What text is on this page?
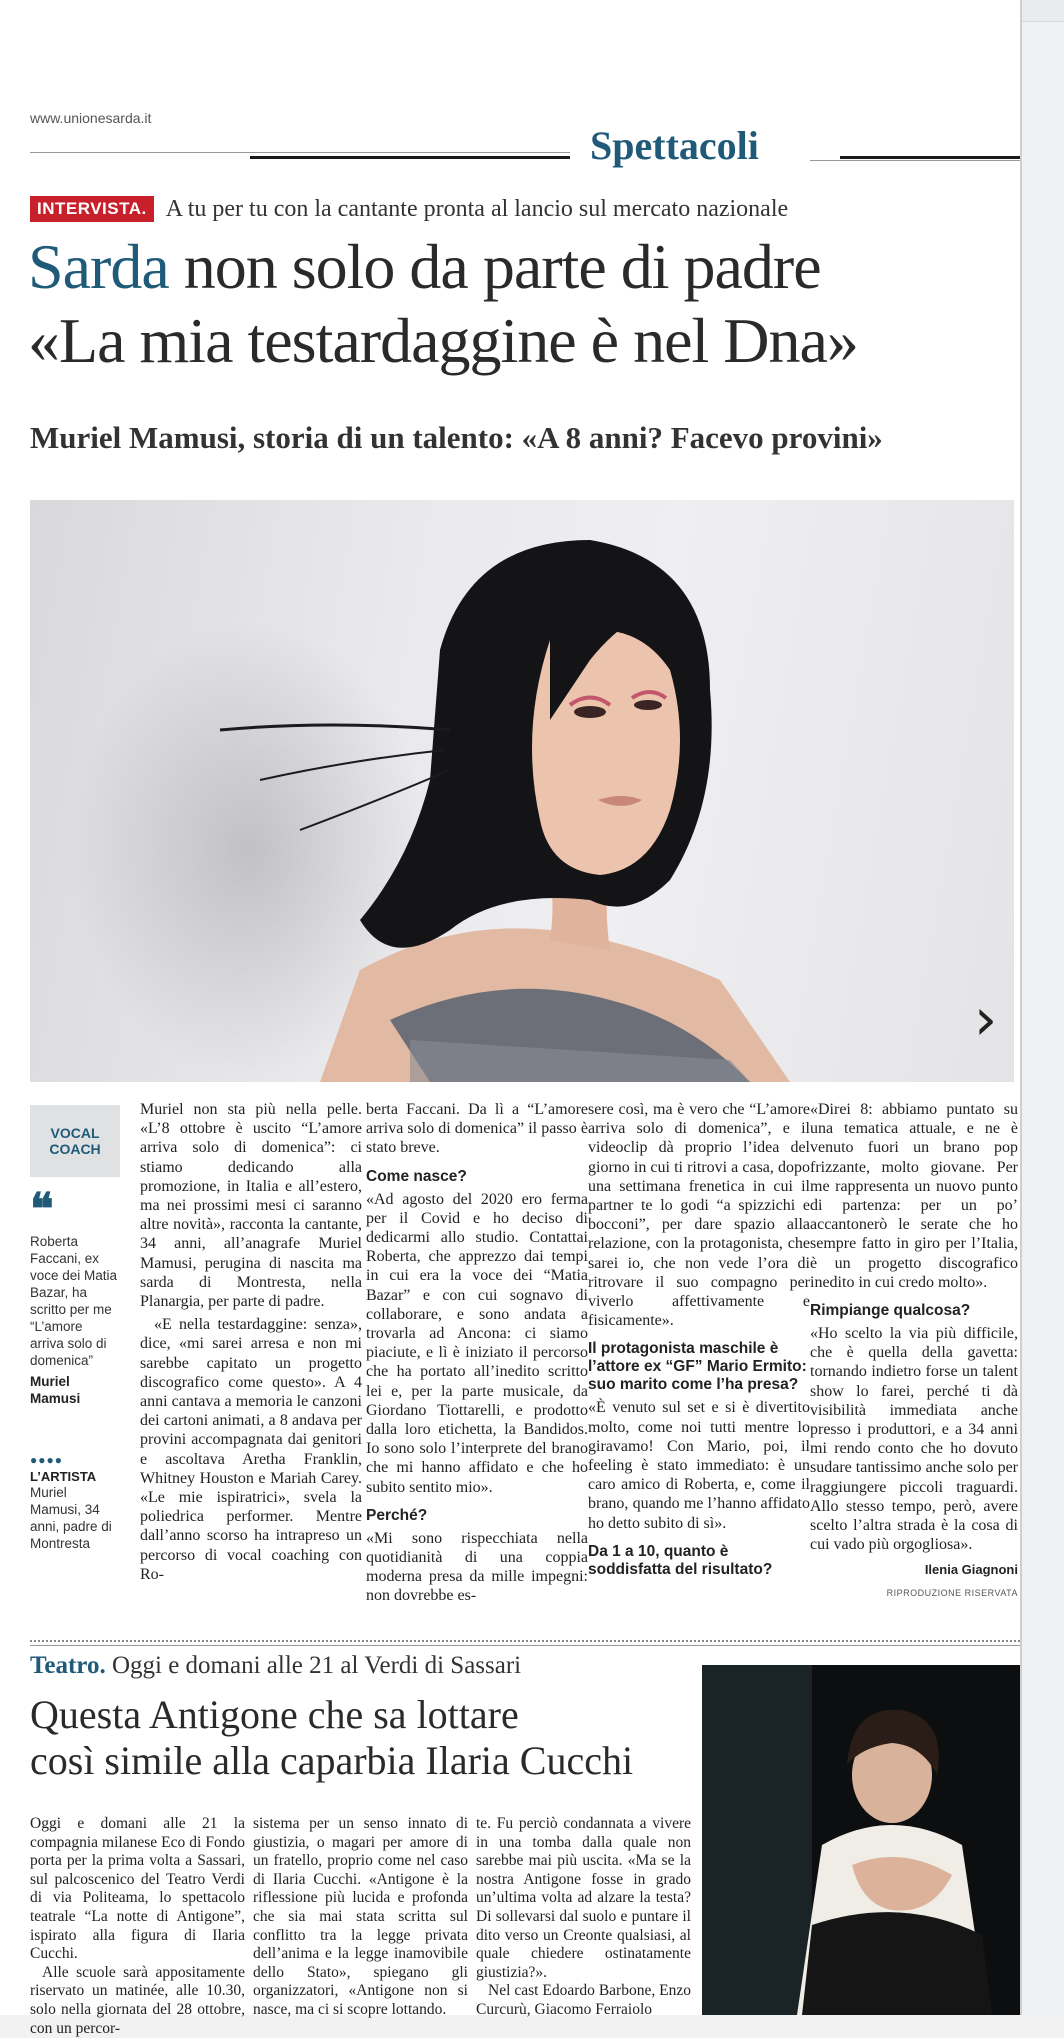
www.unionesarda.it
Spettacoli
INTERVISTA. A tu per tu con la cantante pronta al lancio sul mercato nazionale
Sarda non solo da parte di padre
«La mia testardaggine è nel Dna»
Muriel Mamusi, storia di un talento: «A 8 anni? Facevo provini»
›
VOCAL
COACH
❝
Roberta Faccani, ex voce dei Matia Bazar, ha scritto per me “L’amore arriva solo di domenica”
Muriel Mamusi
●●●●
L’ARTISTA
Muriel Mamusi, 34 anni, padre di Montresta

Muriel non sta più nella pelle. «L’8 ottobre è uscito “L’amore arriva solo di domenica”: ci stiamo dedicando alla promozione, in Italia e all’estero, ma nei prossimi mesi ci saranno altre novità», racconta la cantante, 34 anni, all’anagrafe Muriel Mamusi, perugina di nascita ma sarda di Montresta, nella Planargia, per parte di padre.

«E nella testardaggine: senza», dice, «mi sarei arresa e non mi sarebbe capitato un progetto discografico come questo». A 4 anni cantava a memoria le canzoni dei cartoni animati, a 8 andava per provini accompagnata dai genitori e ascoltava Aretha Franklin, Whitney Houston e Mariah Carey. «Le mie ispiratrici», svela la poliedrica performer. Mentre dall’anno scorso ha intrapreso un percorso di vocal coaching con Ro-

berta Faccani. Da lì a “L’amore arriva solo di domenica” il passo è stato breve.

Come nasce?

«Ad agosto del 2020 ero ferma per il Covid e ho deciso di dedicarmi allo studio. Contattai Roberta, che apprezzo dai tempi in cui era la voce dei “Matia Bazar” e con cui sognavo di collaborare, e sono andata a trovarla ad Ancona: ci siamo piaciute, e lì è iniziato il percorso che ha portato all’inedito scritto lei e, per la parte musicale, da Giordano Tiottarelli, e prodotto dalla loro etichetta, la Bandidos. Io sono solo l’interprete del brano che mi hanno affidato e che ho subito sentito mio».

Perché?

«Mi sono rispecchiata nella quotidianità di una coppia moderna presa da mille impegni: non dovrebbe es-

sere così, ma è vero che “L’amore arriva solo di domenica”, e il videoclip dà proprio l’idea del giorno in cui ti ritrovi a casa, dopo una settimana frenetica in cui il partner te lo godi “a spizzichi e bocconi”, per dare spazio alla relazione, con la protagonista, che sarei io, che non vede l’ora di ritrovare il suo compagno per viverlo affettivamente e fisicamente».

Il protagonista maschile è l’attore ex “GF” Mario Ermito: suo marito come l’ha presa?

«È venuto sul set e si è divertito molto, come noi tutti mentre lo giravamo! Con Mario, poi, il feeling è stato immediato: è un caro amico di Roberta, e, come il brano, quando me l’hanno affidato ho detto subito di sì».

Da 1 a 10, quanto è soddisfatta del risultato?

«Direi 8: abbiamo puntato su una tematica attuale, e ne è venuto fuori un brano pop frizzante, molto giovane. Per me rappresenta un nuovo punto di partenza: per un po’ accantonerò le serate che ho sempre fatto in giro per l’Italia, è un progetto discografico inedito in cui credo molto».

Rimpiange qualcosa?

«Ho scelto la via più difficile, che è quella della gavetta: tornando indietro forse un talent show lo farei, perché ti dà visibilità immediata anche presso i produttori, e a 34 anni mi rendo conto che ho dovuto sudare tantissimo anche solo per raggiungere piccoli traguardi. Allo stesso tempo, però, avere scelto l’altra strada è la cosa di cui vado più orgogliosa».

Ilenia Giagnoni
RIPRODUZIONE RISERVATA
Teatro. Oggi e domani alle 21 al Verdi di Sassari
Questa Antigone che sa lottare
così simile alla caparbia Ilaria Cucchi

Oggi e domani alle 21 la compagnia milanese Eco di Fondo porta per la prima volta a Sassari, sul palcoscenico del Teatro Verdi di via Politeama, lo spettacolo teatrale “La notte di Antigone”, ispirato alla figura di Ilaria Cucchi.

Alle scuole sarà appositamente riservato un matinée, alle 10.30, solo nella giornata del 28 ottobre, con un percor-

sistema per un senso innato di giustizia, o magari per amore di un fratello, proprio come nel caso di Ilaria Cucchi. «Antigone è la riflessione più lucida e profonda che sia mai stata scritta sul conflitto tra la legge privata dell’anima e la legge inamovibile dello Stato», spiegano gli organizzatori, «Antigone non si nasce, ma ci si scopre lottando.

te. Fu perciò condannata a vivere in una tomba dalla quale non sarebbe mai più uscita. «Ma se la nostra Antigone fosse in grado un’ultima volta ad alzare la testa? Di sollevarsi dal suolo e puntare il dito verso un Creonte qualsiasi, al quale chiedere ostinatamente giustizia?».

Nel cast Edoardo Barbone, Enzo Curcurù, Giacomo Ferraiolo
